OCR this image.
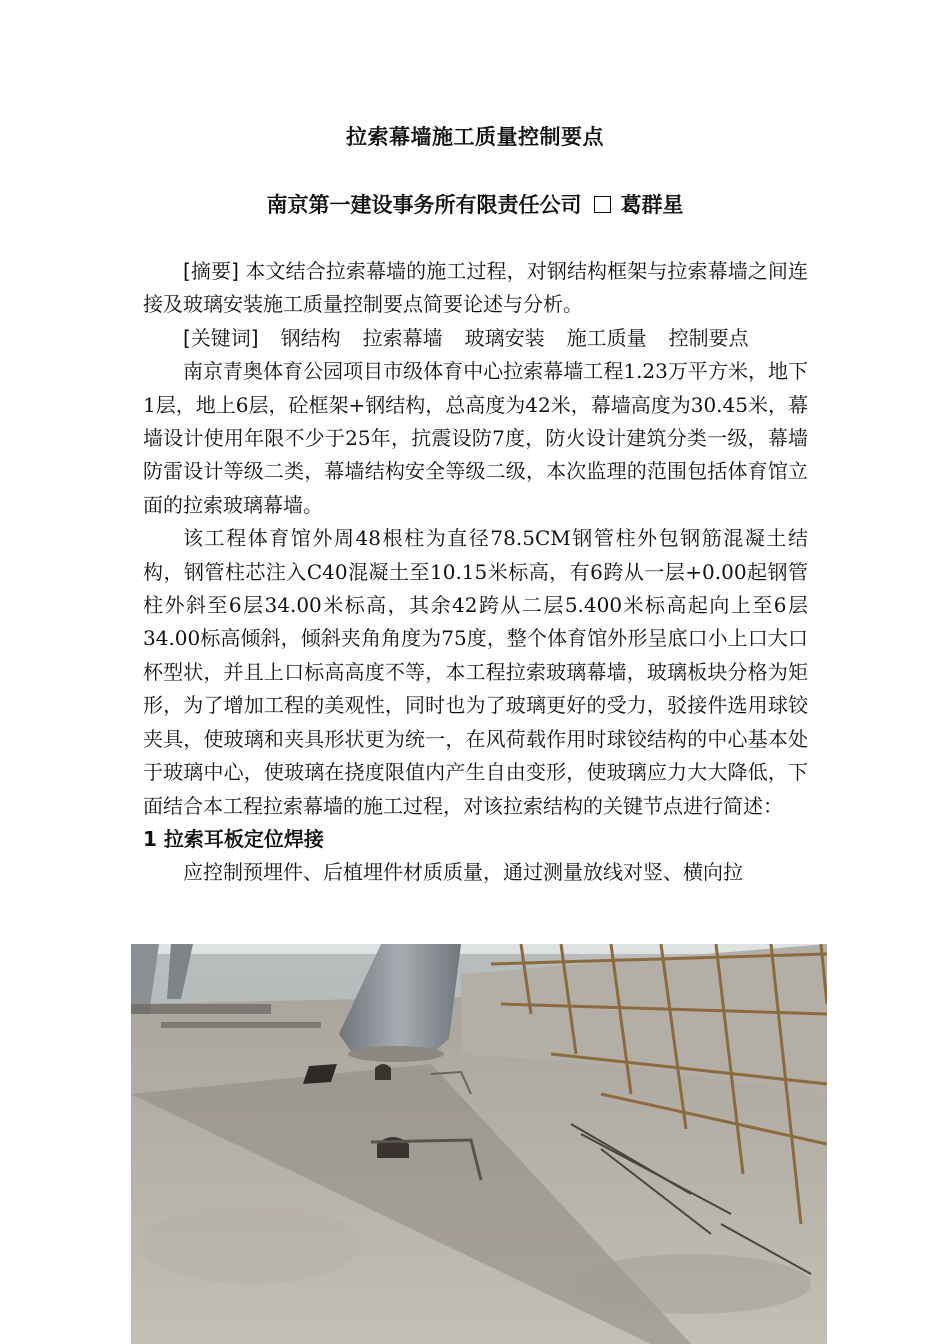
拉索幕墙施工质量控制要点
南京第一建设事务所有限责任公司 葛群星

[摘要] 本文结合拉索幕墙的施工过程，对钢结构框架与拉索幕墙之间连接及玻璃安装施工质量控制要点简要论述与分析。

[关键词] 钢结构 拉索幕墙 玻璃安装 施工质量 控制要点

南京青奥体育公园项目市级体育中心拉索幕墙工程1.23万平方米，地下1层，地上6层，砼框架+钢结构，总高度为42米，幕墙高度为30.45米，幕墙设计使用年限不少于25年，抗震设防7度，防火设计建筑分类一级，幕墙防雷设计等级二类，幕墙结构安全等级二级，本次监理的范围包括体育馆立面的拉索玻璃幕墙。

该工程体育馆外周48根柱为直径78.5CM钢管柱外包钢筋混凝土结构，钢管柱芯注入C40混凝土至10.15米标高，有6跨从一层+0.00起钢管柱外斜至6层34.00米标高，其余42跨从二层5.400米标高起向上至6层34.00标高倾斜，倾斜夹角角度为75度，整个体育馆外形呈底口小上口大口杯型状，并且上口标高高度不等，本工程拉索玻璃幕墙，玻璃板块分格为矩形，为了增加工程的美观性，同时也为了玻璃更好的受力，驳接件选用球铰夹具，使玻璃和夹具形状更为统一，在风荷载作用时球铰结构的中心基本处于玻璃中心，使玻璃在挠度限值内产生自由变形，使玻璃应力大大降低，下面结合本工程拉索幕墙的施工过程，对该拉索结构的关键节点进行简述：

1 拉索耳板定位焊接

应控制预埋件、后植埋件材质质量，通过测量放线对竖、横向拉
